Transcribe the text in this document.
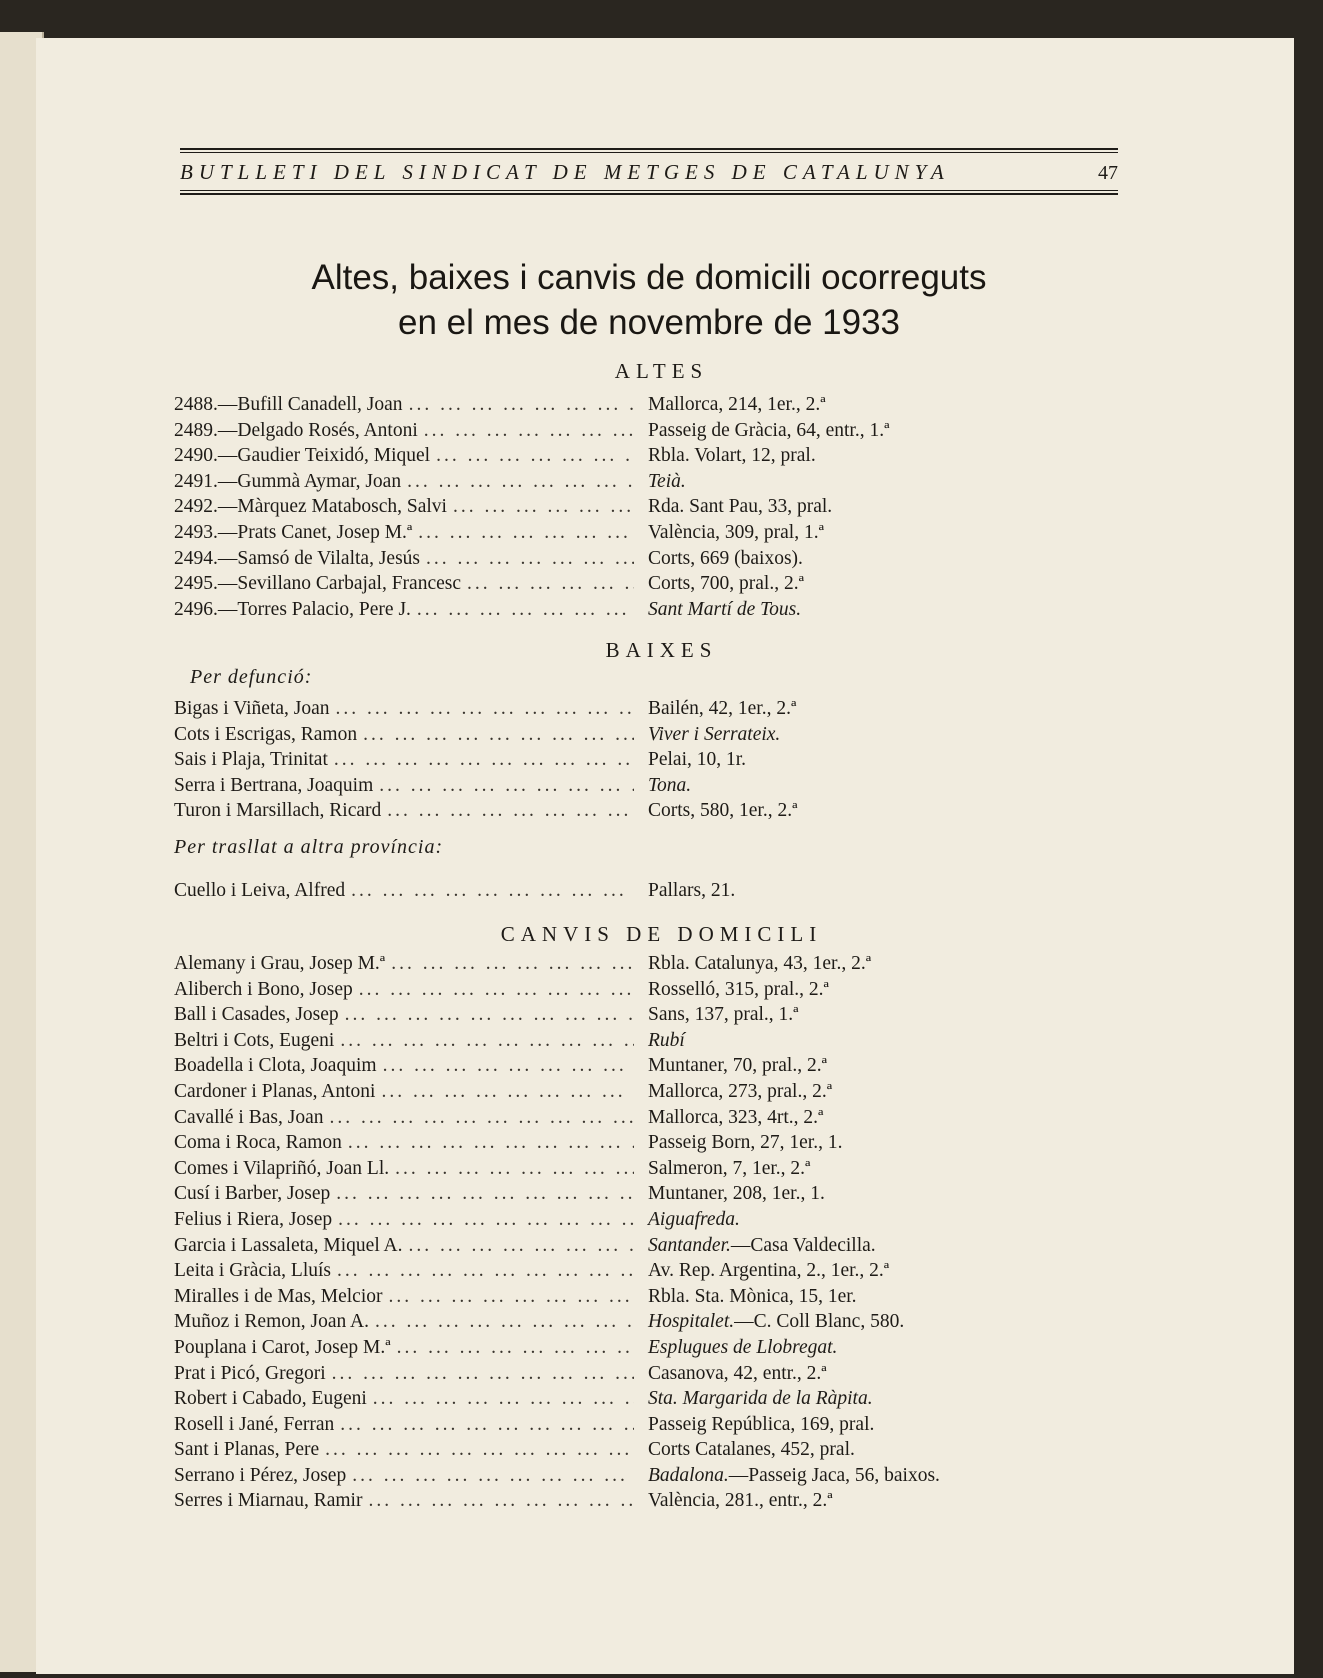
BUTLLETI DEL SINDICAT DE METGES DE CATALUNYA	47
Altes, baixes i canvis de domicili ocorreguts
en el mes de novembre de 1933
ALTES
2488.—Bufill Canadell, Joan ... .	Mallorca, 214, 1er., 2.ª
2489.—Delgado Rosés, Antoni ... .	Passeig de Gràcia, 64, entr., 1.ª
2490.—Gaudier Teixidó, Miquel ... .	Rbla. Volart, 12, pral.
2491.—Gummà Aymar, Joan ... .	Teià.
2492.—Màrquez Matabosch, Salvi ... .	Rda. Sant Pau, 33, pral.
2493.—Prats Canet, Josep M.ª ... .	València, 309, pral, 1.ª
2494.—Samsó de Vilalta, Jesús ... .	Corts, 669 (baixos).
2495.—Sevillano Carbajal, Francesc ... .	Corts, 700, pral., 2.ª
2496.—Torres Palacio, Pere J. ... .	Sant Martí de Tous.
BAIXES
Per defunció:
Bigas i Viñeta, Joan ... .	Bailén, 42, 1er., 2.ª
Cots i Escrigas, Ramon ... .	Viver i Serrateix.
Sais i Plaja, Trinitat ... .	Pelai, 10, 1r.
Serra i Bertrana, Joaquim ... .	Tona.
Turon i Marsillach, Ricard ... .	Corts, 580, 1er., 2.ª
Per trasllat a altra província:
Cuello i Leiva, Alfred ... .	Pallars, 21.
CANVIS DE DOMICILI
Alemany i Grau, Josep M.ª ... .	Rbla. Catalunya, 43, 1er., 2.ª
Aliberch i Bono, Josep ... .	Rosselló, 315, pral., 2.ª
Ball i Casades, Josep ... .	Sans, 137, pral., 1.ª
Beltri i Cots, Eugeni ... .	Rubí
Boadella i Clota, Joaquim ... .	Muntaner, 70, pral., 2.ª
Cardoner i Planas, Antoni ... .	Mallorca, 273, pral., 2.ª
Cavallé i Bas, Joan ... .	Mallorca, 323, 4rt., 2.ª
Coma i Roca, Ramon ... .	Passeig Born, 27, 1er., 1.
Comes i Vilapriñó, Joan Ll. ... .	Salmeron, 7, 1er., 2.ª
Cusí i Barber, Josep ... .	Muntaner, 208, 1er., 1.
Felius i Riera, Josep ... .	Aiguafreda.
Garcia i Lassaleta, Miquel A. ... .	Santander.—Casa Valdecilla.
Leita i Gràcia, Lluís ... .	Av. Rep. Argentina, 2., 1er., 2.ª
Miralles i de Mas, Melcior ... .	Rbla. Sta. Mònica, 15, 1er.
Muñoz i Remon, Joan A. ... .	Hospitalet.—C. Coll Blanc, 580.
Pouplana i Carot, Josep M.ª ... .	Esplugues de Llobregat.
Prat i Picó, Gregori ... .	Casanova, 42, entr., 2.ª
Robert i Cabado, Eugeni ... .	Sta. Margarida de la Ràpita.
Rosell i Jané, Ferran ... .	Passeig República, 169, pral.
Sant i Planas, Pere ... .	Corts Catalanes, 452, pral.
Serrano i Pérez, Josep ... .	Badalona.—Passeig Jaca, 56, baixos.
Serres i Miarnau, Ramir ... .	València, 281., entr., 2.ª
